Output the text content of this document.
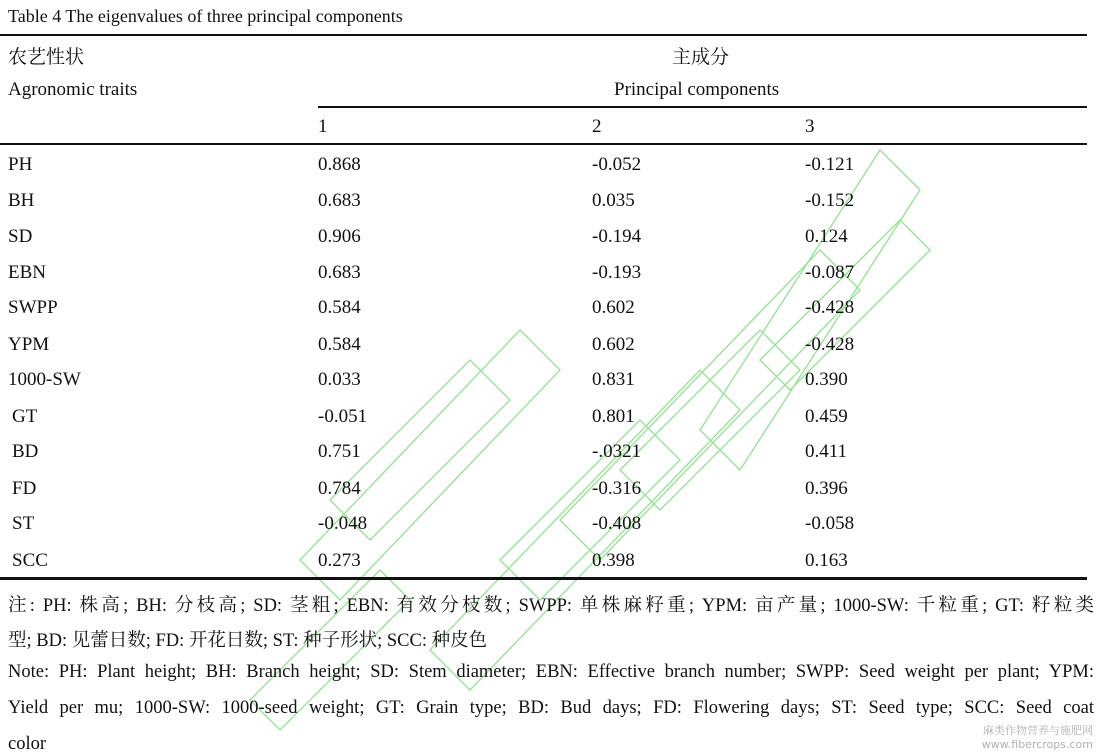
Table 4 The eigenvalues of three principal components
农艺性状	主成分
Agronomic traits	Principal components
1	2	3
PH	0.868	-0.052	-0.121
BH	0.683	0.035	-0.152
SD	0.906	-0.194	0.124
EBN	0.683	-0.193	-0.087
SWPP	0.584	0.602	-0.428
YPM	0.584	0.602	-0.428
1000-SW	0.033	0.831	0.390
GT	-0.051	0.801	0.459
BD	0.751	-.0321	0.411
FD	0.784	-0.316	0.396
ST	-0.048	-0.408	-0.058
SCC	0.273	0.398	0.163
注: PH: 株高; BH: 分枝高; SD: 茎粗; EBN: 有效分枝数; SWPP: 单株麻籽重; YPM: 亩产量; 1000-SW: 千粒重; GT: 籽粒类
型; BD: 见蕾日数; FD: 开花日数; ST: 种子形状; SCC: 种皮色
Note: PH: Plant height; BH: Branch height; SD: Stem diameter; EBN: Effective branch number; SWPP: Seed weight per plant; YPM:
Yield per mu; 1000-SW: 1000-seed weight; GT: Grain type; BD: Bud days; FD: Flowering days; ST: Seed type; SCC: Seed coat
color
麻类作物营养与施肥网
www.fibercrops.com
